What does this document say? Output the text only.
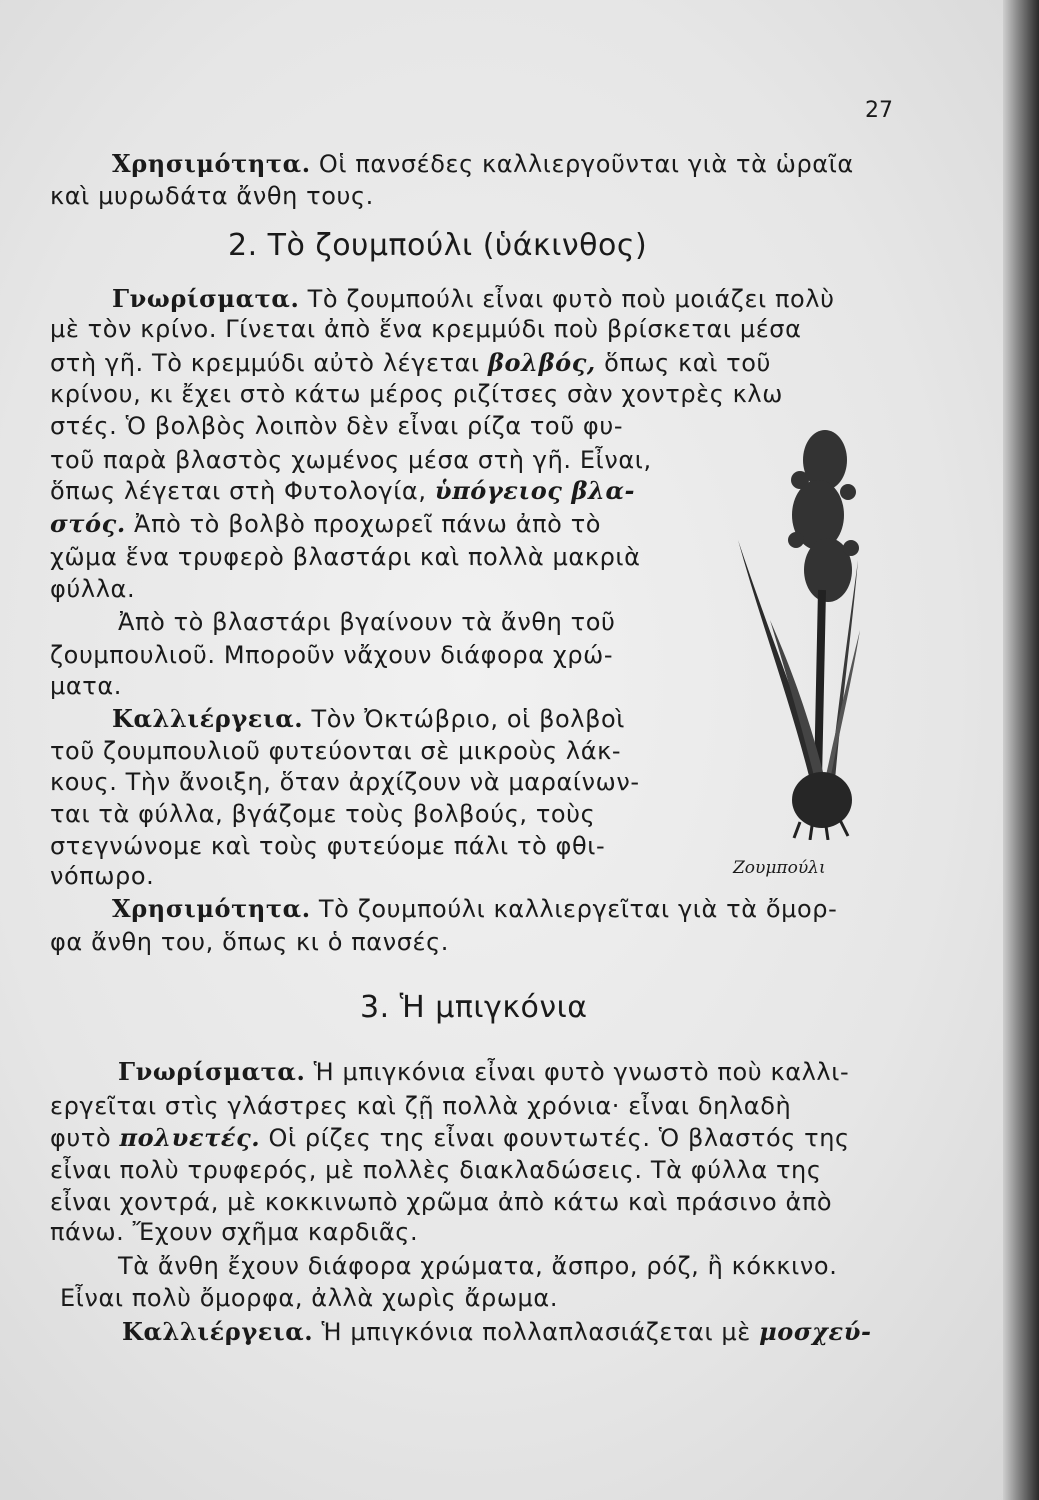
27
Χρησιμότητα. Οἱ πανσέδες καλλιεργοῦνται γιὰ τὰ ὡραῖα
καὶ μυρωδάτα ἄνθη τους.
2. Τὸ ζουμπούλι (ὑάκινθος)
Γνωρίσματα. Τὸ ζουμπούλι εἶναι φυτὸ ποὺ μοιάζει πολὺ
μὲ τὸν κρίνο. Γίνεται ἀπὸ ἕνα κρεμμύδι ποὺ βρίσκεται μέσα
στὴ γῆ. Τὸ κρεμμύδι αὐτὸ λέγεται βολβός, ὅπως καὶ τοῦ
κρίνου, κι ἔχει στὸ κάτω μέρος ριζίτσες σὰν χοντρὲς κλω
στές. Ὁ βολβὸς λοιπὸν δὲν εἶναι ρίζα τοῦ φυ-
τοῦ παρὰ βλαστὸς χωμένος μέσα στὴ γῆ. Εἶναι,
ὅπως λέγεται στὴ Φυτολογία, ὑπόγειος βλα-
στός. Ἀπὸ τὸ βολβὸ προχωρεῖ πάνω ἀπὸ τὸ
χῶμα ἕνα τρυφερὸ βλαστάρι καὶ πολλὰ μακριὰ
φύλλα.
Ἀπὸ τὸ βλαστάρι βγαίνουν τὰ ἄνθη τοῦ
ζουμπουλιοῦ. Μποροῦν νἄχουν διάφορα χρώ-
ματα.
Καλλιέργεια. Τὸν Ὀκτώβριο, οἱ βολβοὶ
τοῦ ζουμπουλιοῦ φυτεύονται σὲ μικροὺς λάκ-
κους. Τὴν ἄνοιξη, ὅταν ἀρχίζουν νὰ μαραίνων-
ται τὰ φύλλα, βγάζομε τοὺς βολβούς, τοὺς
στεγνώνομε καὶ τοὺς φυτεύομε πάλι τὸ φθι-
νόπωρο.
Χρησιμότητα. Τὸ ζουμπούλι καλλιεργεῖται γιὰ τὰ ὄμορ-
φα ἄνθη του, ὅπως κι ὁ πανσές.
Ζουμπούλι
3. Ἡ μπιγκόνια
Γνωρίσματα. Ἡ μπιγκόνια εἶναι φυτὸ γνωστὸ ποὺ καλλι-
εργεῖται στὶς γλάστρες καὶ ζῇ πολλὰ χρόνια· εἶναι δηλαδὴ
φυτὸ πολυετές. Οἱ ρίζες της εἶναι φουντωτές. Ὁ βλαστός της
εἶναι πολὺ τρυφερός, μὲ πολλὲς διακλαδώσεις. Τὰ φύλλα της
εἶναι χοντρά, μὲ κοκκινωπὸ χρῶμα ἀπὸ κάτω καὶ πράσινο ἀπὸ
πάνω. Ἔχουν σχῆμα καρδιᾶς.
Τὰ ἄνθη ἔχουν διάφορα χρώματα, ἄσπρο, ρόζ, ἢ κόκκινο.
Εἶναι πολὺ ὄμορφα, ἀλλὰ χωρὶς ἄρωμα.
Καλλιέργεια. Ἡ μπιγκόνια πολλαπλασιάζεται μὲ μοσχεύ-
